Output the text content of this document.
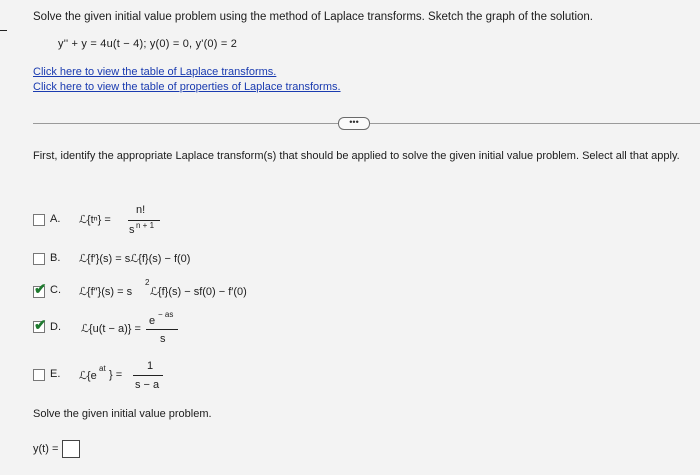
Solve the given initial value problem using the method of Laplace transforms. Sketch the graph of the solution.
y'' + y = 4u(t − 4); y(0) = 0, y'(0) = 2
Click here to view the table of Laplace transforms.
Click here to view the table of properties of Laplace transforms.
•••
First, identify the appropriate Laplace transform(s) that should be applied to solve the given initial value problem. Select all that apply.
A. ℒ{tⁿ} =
n!
s n + 1
B. ℒ{f′}(s) = sℒ{f}(s) − f(0)
✔ C. ℒ{f″}(s) = s
2
ℒ{f}(s) − sf(0) − f′(0)
✔ D. ℒ{u(t − a)} =
e
− as
s
E. ℒ{e
at
} =
1
s − a
Solve the given initial value problem.
y(t) =
